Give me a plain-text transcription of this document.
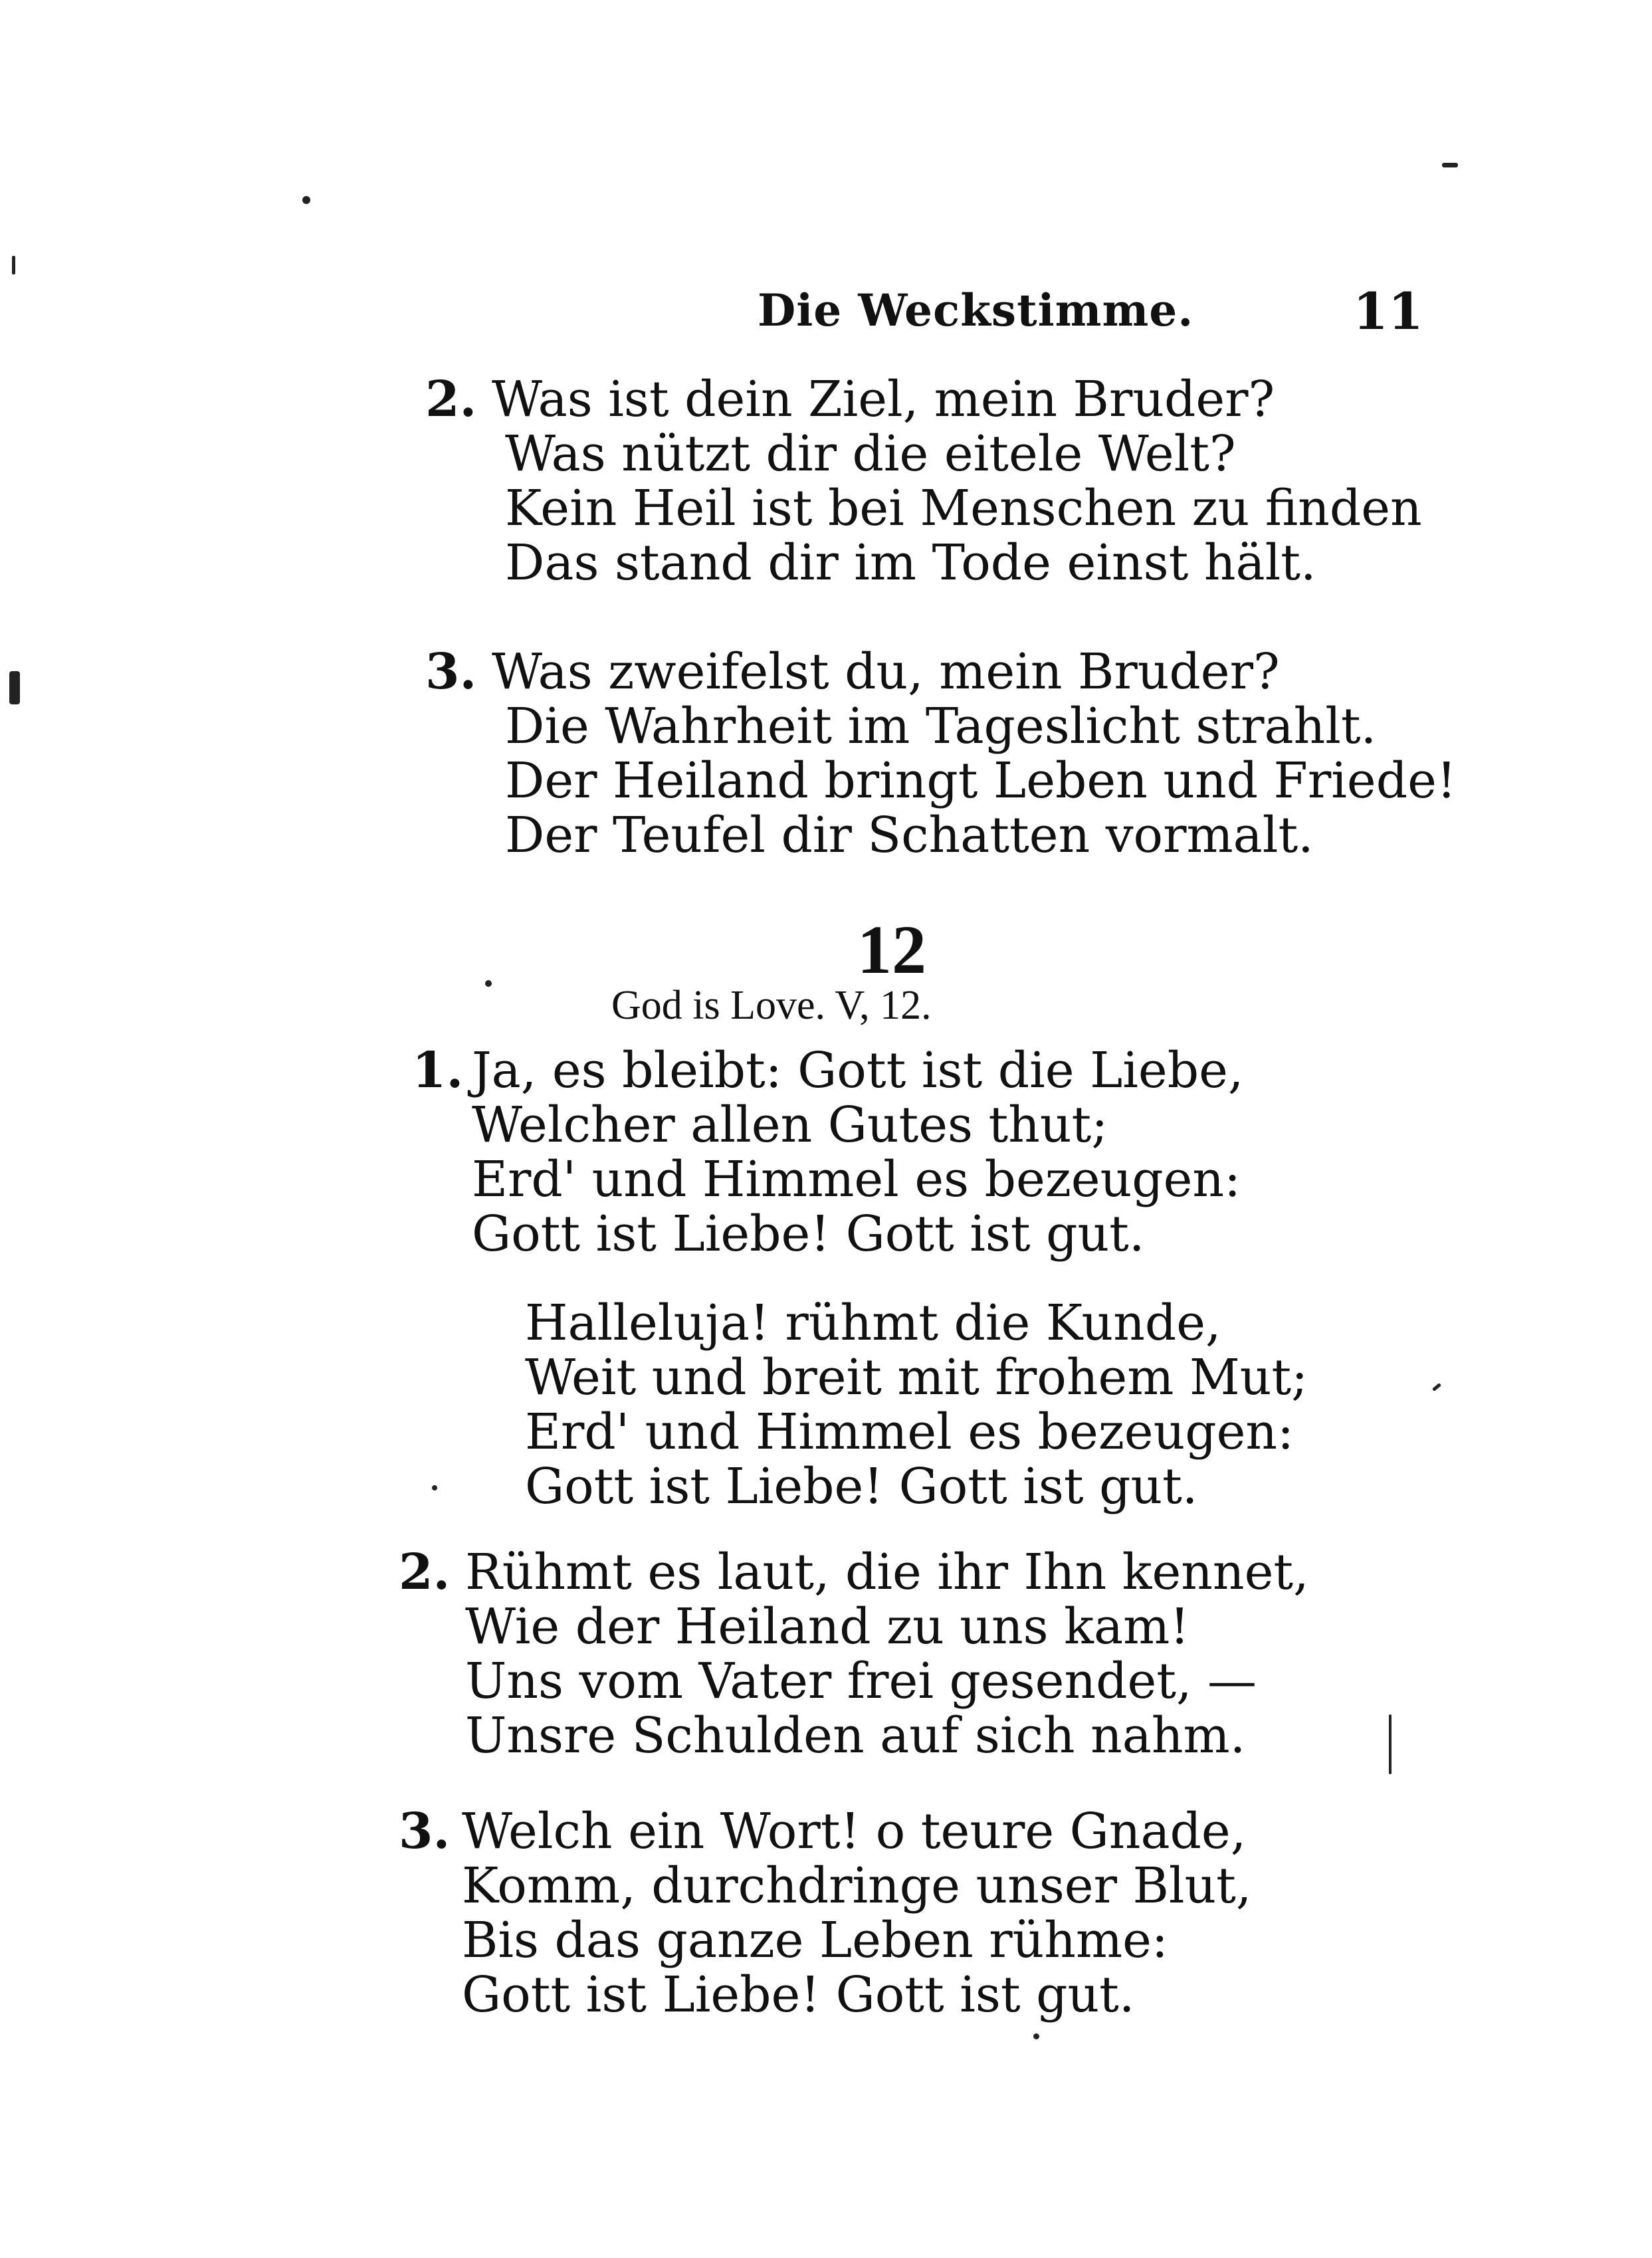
Die Weckstimme.	11
2. Was ist dein Ziel, mein Bruder?
Was nützt dir die eitele Welt?
Kein Heil ist bei Menschen zu finden
Das stand dir im Tode einst hält.
3. Was zweifelst du, mein Bruder?
Die Wahrheit im Tageslicht strahlt.
Der Heiland bringt Leben und Friede!
Der Teufel dir Schatten vormalt.
12
God is Love. V, 12.
1. Ja, es bleibt: Gott ist die Liebe,
Welcher allen Gutes thut;
Erd' und Himmel es bezeugen:
Gott ist Liebe! Gott ist gut.
Halleluja! rühmt die Kunde,
Weit und breit mit frohem Mut;
Erd' und Himmel es bezeugen:
Gott ist Liebe! Gott ist gut.
2. Rühmt es laut, die ihr Ihn kennet,
Wie der Heiland zu uns kam!
Uns vom Vater frei gesendet, —
Unsre Schulden auf sich nahm.
3. Welch ein Wort! o teure Gnade,
Komm, durchdringe unser Blut,
Bis das ganze Leben rühme:
Gott ist Liebe! Gott ist gut.
